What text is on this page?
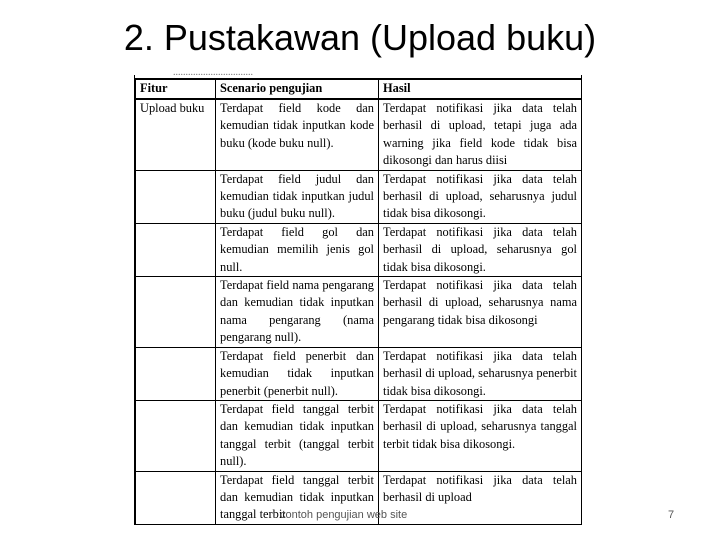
2. Pustakawan (Upload buku)
................................
Fitur	Scenario pengujian	Hasil
Upload buku	Terdapat field kode dan kemudian tidak inputkan kode buku (kode buku null).	Terdapat notifikasi jika data telah berhasil di upload, tetapi juga ada warning jika field kode tidak bisa dikosongi dan harus diisi
	Terdapat field judul dan kemudian tidak inputkan judul buku (judul buku null).	Terdapat notifikasi jika data telah berhasil di upload, seharusnya judul tidak bisa dikosongi.
	Terdapat field gol dan kemudian memilih jenis gol null.	Terdapat notifikasi jika data telah berhasil di upload, seharusnya gol tidak bisa dikosongi.
	Terdapat field nama pengarang dan kemudian tidak inputkan nama pengarang (nama pengarang null).	Terdapat notifikasi jika data telah berhasil di upload, seharusnya nama pengarang tidak bisa dikosongi
	Terdapat field penerbit dan kemudian tidak inputkan penerbit (penerbit null).	Terdapat notifikasi jika data telah berhasil di upload, seharusnya penerbit tidak bisa dikosongi.
	Terdapat field tanggal terbit dan kemudian tidak inputkan tanggal terbit (tanggal terbit null).	Terdapat notifikasi jika data telah berhasil di upload, seharusnya tanggal terbit tidak bisa dikosongi.
	Terdapat field tanggal terbit dan kemudian tidak inputkan tanggal terbit	Terdapat notifikasi jika data telah berhasil di upload
contoh pengujian web site	7
